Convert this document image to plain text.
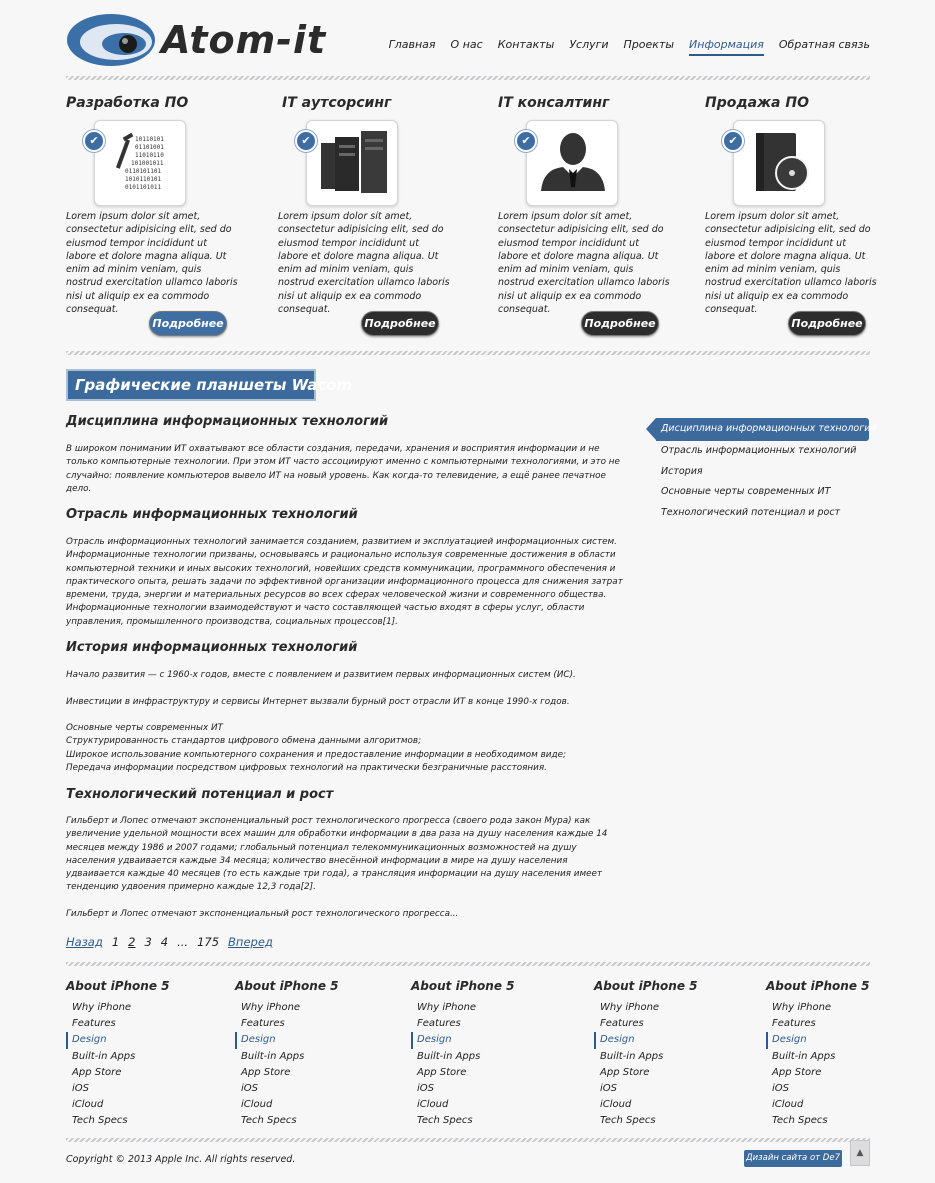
Atom-it	Главная О нас Контакты Услуги Проекты Информация Обратная связь
Разработка ПО
✔	10110101
01101001
11010110
101001011
0110101101
1010110101
0101101011

Lorem ipsum dolor sit amet, consectetur adipisicing elit, sed do eiusmod tempor incididunt ut labore et dolore magna aliqua. Ut enim ad minim veniam, quis nostrud exercitation ullamco laboris nisi ut aliquip ex ea commodo consequat.

Подробнее
IT аутсорсинг
✔

Lorem ipsum dolor sit amet, consectetur adipisicing elit, sed do eiusmod tempor incididunt ut labore et dolore magna aliqua. Ut enim ad minim veniam, quis nostrud exercitation ullamco laboris nisi ut aliquip ex ea commodo consequat.

Подробнее
IT консалтинг
✔

Lorem ipsum dolor sit amet, consectetur adipisicing elit, sed do eiusmod tempor incididunt ut labore et dolore magna aliqua. Ut enim ad minim veniam, quis nostrud exercitation ullamco laboris nisi ut aliquip ex ea commodo consequat.

Подробнее
Продажа ПО
✔

Lorem ipsum dolor sit amet, consectetur adipisicing elit, sed do eiusmod tempor incididunt ut labore et dolore magna aliqua. Ut enim ad minim veniam, quis nostrud exercitation ullamco laboris nisi ut aliquip ex ea commodo consequat.

Подробнее
Графические планшеты Wacom
Дисциплина информационных технологий

В широком понимании ИТ охватывают все области создания, передачи, хранения и восприятия информации и не только компьютерные технологии. При этом ИТ часто ассоциируют именно с компьютерными технологиями, и это не случайно: появление компьютеров вывело ИТ на новый уровень. Как когда-то телевидение, а ещё ранее печатное дело.

Отрасль информационных технологий

Отрасль информационных технологий занимается созданием, развитием и эксплуатацией информационных систем. Информационные технологии призваны, основываясь и рационально используя современные достижения в области компьютерной техники и иных высоких технологий, новейших средств коммуникации, программного обеспечения и практического опыта, решать задачи по эффективной организации информационного процесса для снижения затрат времени, труда, энергии и материальных ресурсов во всех сферах человеческой жизни и современного общества. Информационные технологии взаимодействуют и часто составляющей частью входят в сферы услуг, области управления, промышленного производства, социальных процессов[1].

История информационных технологий

Начало развития — с 1960-х годов, вместе с появлением и развитием первых информационных систем (ИС).

Инвестиции в инфраструктуру и сервисы Интернет вызвали бурный рост отрасли ИТ в конце 1990-х годов.

Основные черты современных ИТ
Структурированность стандартов цифрового обмена данными алгоритмов;
Широкое использование компьютерного сохранения и предоставление информации в необходимом виде;
Передача информации посредством цифровых технологий на практически безграничные расстояния.
Технологический потенциал и рост

Гильберт и Лопес отмечают экспоненциальный рост технологического прогресса (своего рода закон Мура) как увеличение удельной мощности всех машин для обработки информации в два раза на душу населения каждые 14 месяцев между 1986 и 2007 годами; глобальный потенциал телекоммуникационных возможностей на душу населения удваивается каждые 34 месяца; количество внесённой информации в мире на душу населения удваивается каждые 40 месяцев (то есть каждые три года), а трансляция информации на душу населения имеет тенденцию удвоения примерно каждые 12,3 года[2].

Гильберт и Лопес отмечают экспоненциальный рост технологического прогресса...

Назад 1 2 3 4 ... 175 Вперед
Дисциплина информационных технологий
Отрасль информационных технологий
История
Основные черты современных ИТ
Технологический потенциал и рост
About iPhone 5
Why iPhone
Features
Design
Built-in Apps
App Store
iOS
iCloud
Tech Specs
About iPhone 5
Why iPhone
Features
Design
Built-in Apps
App Store
iOS
iCloud
Tech Specs
About iPhone 5
Why iPhone
Features
Design
Built-in Apps
App Store
iOS
iCloud
Tech Specs
About iPhone 5
Why iPhone
Features
Design
Built-in Apps
App Store
iOS
iCloud
Tech Specs
About iPhone 5
Why iPhone
Features
Design
Built-in Apps
App Store
iOS
iCloud
Tech Specs
Copyright © 2013 Apple Inc. All rights reserved.	Дизайн сайта от De7	▲
